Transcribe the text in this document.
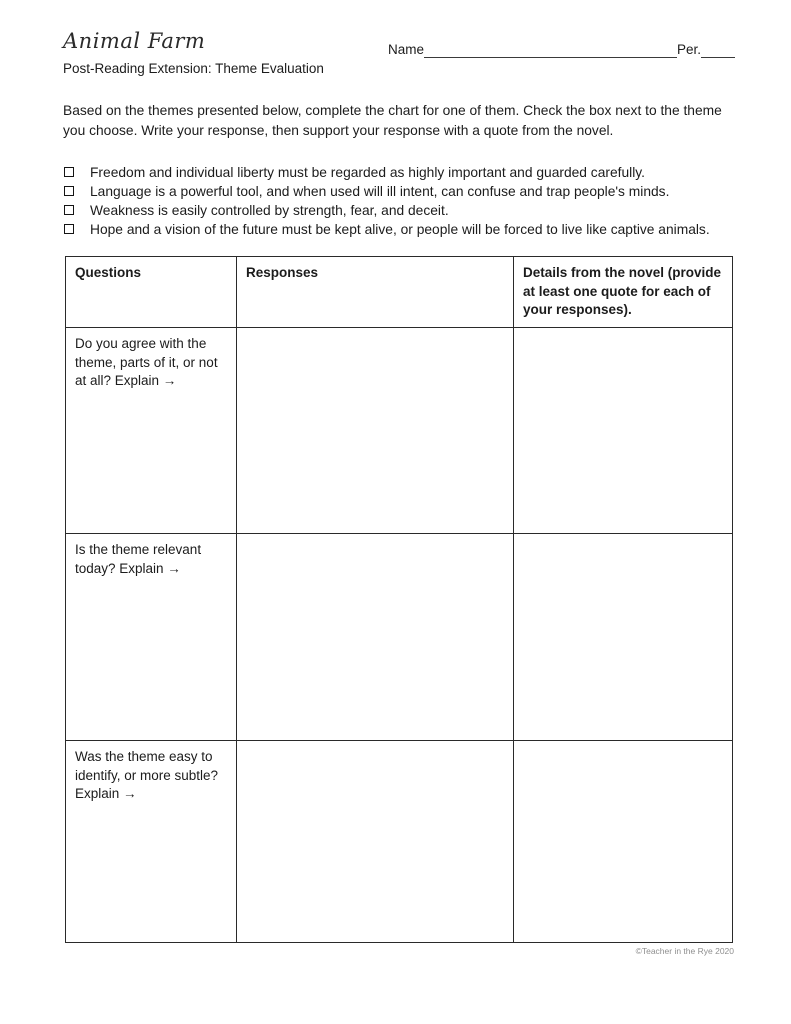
Animal Farm
Post-Reading Extension: Theme Evaluation
Name	Per.
Based on the themes presented below, complete the chart for one of them. Check the box next to the theme you choose. Write your response, then support your response with a quote from the novel.
Freedom and individual liberty must be regarded as highly important and guarded carefully.
Language is a powerful tool, and when used will ill intent, can confuse and trap people's minds.
Weakness is easily controlled by strength, fear, and deceit.
Hope and a vision of the future must be kept alive, or people will be forced to live like captive animals.
Questions	Responses	Details from the novel (provide at least one quote for each of your responses).
Do you agree with the theme, parts of it, or not at all? Explain →		
Is the theme relevant today? Explain →		
Was the theme easy to identify, or more subtle? Explain →		
©Teacher in the Rye 2020
